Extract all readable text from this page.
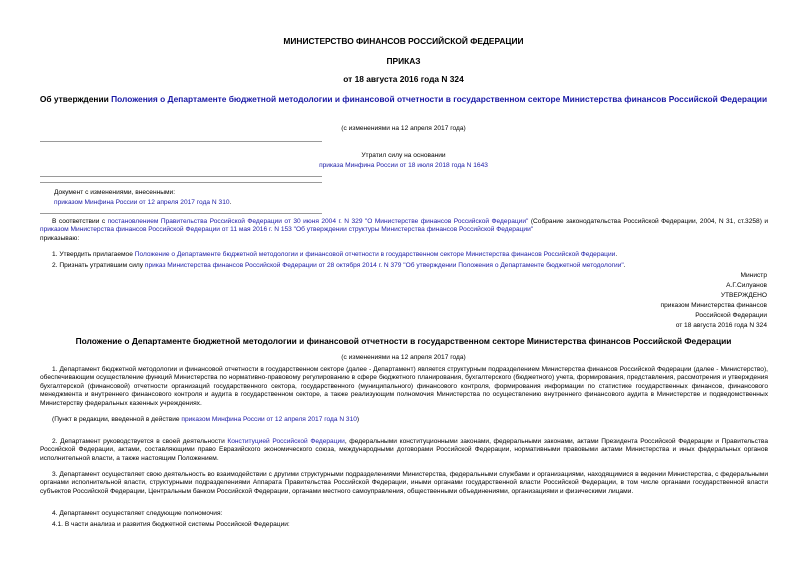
МИНИСТЕРСТВО ФИНАНСОВ РОССИЙСКОЙ ФЕДЕРАЦИИ
ПРИКАЗ
от 18 августа 2016 года N 324
Об утверждении Положения о Департаменте бюджетной методологии и финансовой отчетности в государственном секторе Министерства финансов Российской Федерации
(с изменениями на 12 апреля 2017 года)
Утратил силу на основании
приказа Минфина России от 18 июля 2018 года N 1643
Документ с изменениями, внесенными:
приказом Минфина России от 12 апреля 2017 года N 310.
В соответствии с постановлением Правительства Российской Федерации от 30 июня 2004 г. N 329 "О Министерстве финансов Российской Федерации" (Собрание законодательства Российской Федерации, 2004, N 31, ст.3258) и приказом Министерства финансов Российской Федерации от 11 мая 2016 г. N 153 "Об утверждении структуры Министерства финансов Российской Федерации"
приказываю:
1. Утвердить прилагаемое Положение о Департаменте бюджетной методологии и финансовой отчетности в государственном секторе Министерства финансов Российской Федерации.
2. Признать утратившим силу приказ Министерства финансов Российской Федерации от 28 октября 2014 г. N 379 "Об утверждении Положения о Департаменте бюджетной методологии".
Министр
А.Г.Силуанов
УТВЕРЖДЕНО
приказом Министерства финансов
Российской Федерации
от 18 августа 2016 года N 324
Положение о Департаменте бюджетной методологии и финансовой отчетности в государственном секторе Министерства финансов Российской Федерации
(с изменениями на 12 апреля 2017 года)
1. Департамент бюджетной методологии и финансовой отчетности в государственном секторе (далее - Департамент) является структурным подразделением Министерства финансов Российской Федерации (далее - Министерство), обеспечивающим осуществление функций Министерства по нормативно-правовому регулированию в сфере бюджетного планирования, бухгалтерского (бюджетного) учета, формирования, представления, рассмотрения и утверждения бухгалтерской (финансовой) отчетности организаций государственного сектора, государственного (муниципального) финансового контроля, формирования информации по статистике государственных финансов, финансового менеджмента и внутреннего финансового контроля и аудита в государственном секторе, а также реализующим полномочия Министерства по осуществлению внутреннего финансового аудита в Министерстве и подведомственных Министерству федеральных казенных учреждениях.
(Пункт в редакции, введенной в действие приказом Минфина России от 12 апреля 2017 года N 310)
2. Департамент руководствуется в своей деятельности Конституцией Российской Федерации, федеральными конституционными законами, федеральными законами, актами Президента Российской Федерации и Правительства Российской Федерации, актами, составляющими право Евразийского экономического союза, международными договорами Российской Федерации, нормативными правовыми актами Министерства и иных федеральных органов исполнительной власти, а также настоящим Положением.
3. Департамент осуществляет свою деятельность во взаимодействии с другими структурными подразделениями Министерства, федеральными службами и организациями, находящимися в ведении Министерства, с федеральными органами исполнительной власти, структурными подразделениями Аппарата Правительства Российской Федерации, иными органами государственной власти Российской Федерации, в том числе органами государственной власти субъектов Российской Федерации, Центральным банком Российской Федерации, органами местного самоуправления, общественными объединениями, организациями и физическими лицами.
4. Департамент осуществляет следующие полномочия:
4.1. В части анализа и развития бюджетной системы Российской Федерации:
